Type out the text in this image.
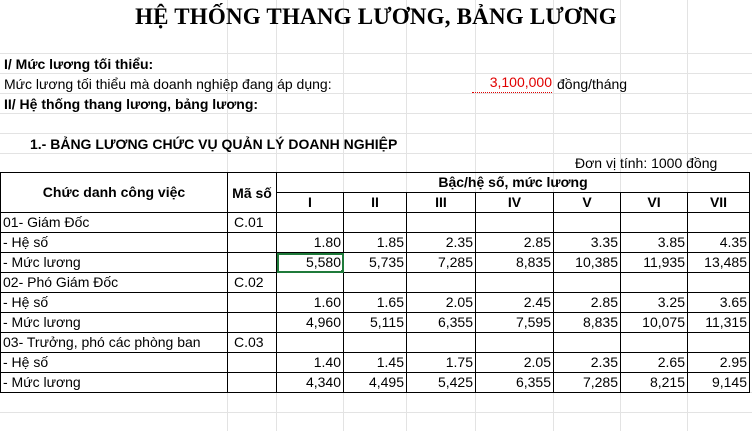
HỆ THỐNG THANG LƯƠNG, BẢNG LƯƠNG
I/ Mức lương tối thiểu:
Mức lương tối thiểu mà doanh nghiệp đang áp dụng:	3,100,000 đồng/tháng
II/ Hệ thống thang lương, bảng lương:
1.- BẢNG LƯƠNG CHỨC VỤ QUẢN LÝ DOANH NGHIỆP
Đơn vị tính: 1000 đồng
Chức danh công việc	Mã số	Bậc/hệ số, mức lương						
		I	II	III	IV	V	VI	VII
01- Giám Đốc	C.01							
- Hệ số		1.80	1.85	2.35	2.85	3.35	3.85	4.35
- Mức lương		5,580	5,735	7,285	8,835	10,385	11,935	13,485
02- Phó Giám Đốc	C.02							
- Hệ số		1.60	1.65	2.05	2.45	2.85	3.25	3.65
- Mức lương		4,960	5,115	6,355	7,595	8,835	10,075	11,315
03- Trưởng, phó các phòng ban	C.03							
- Hệ số		1.40	1.45	1.75	2.05	2.35	2.65	2.95
- Mức lương		4,340	4,495	5,425	6,355	7,285	8,215	9,145
